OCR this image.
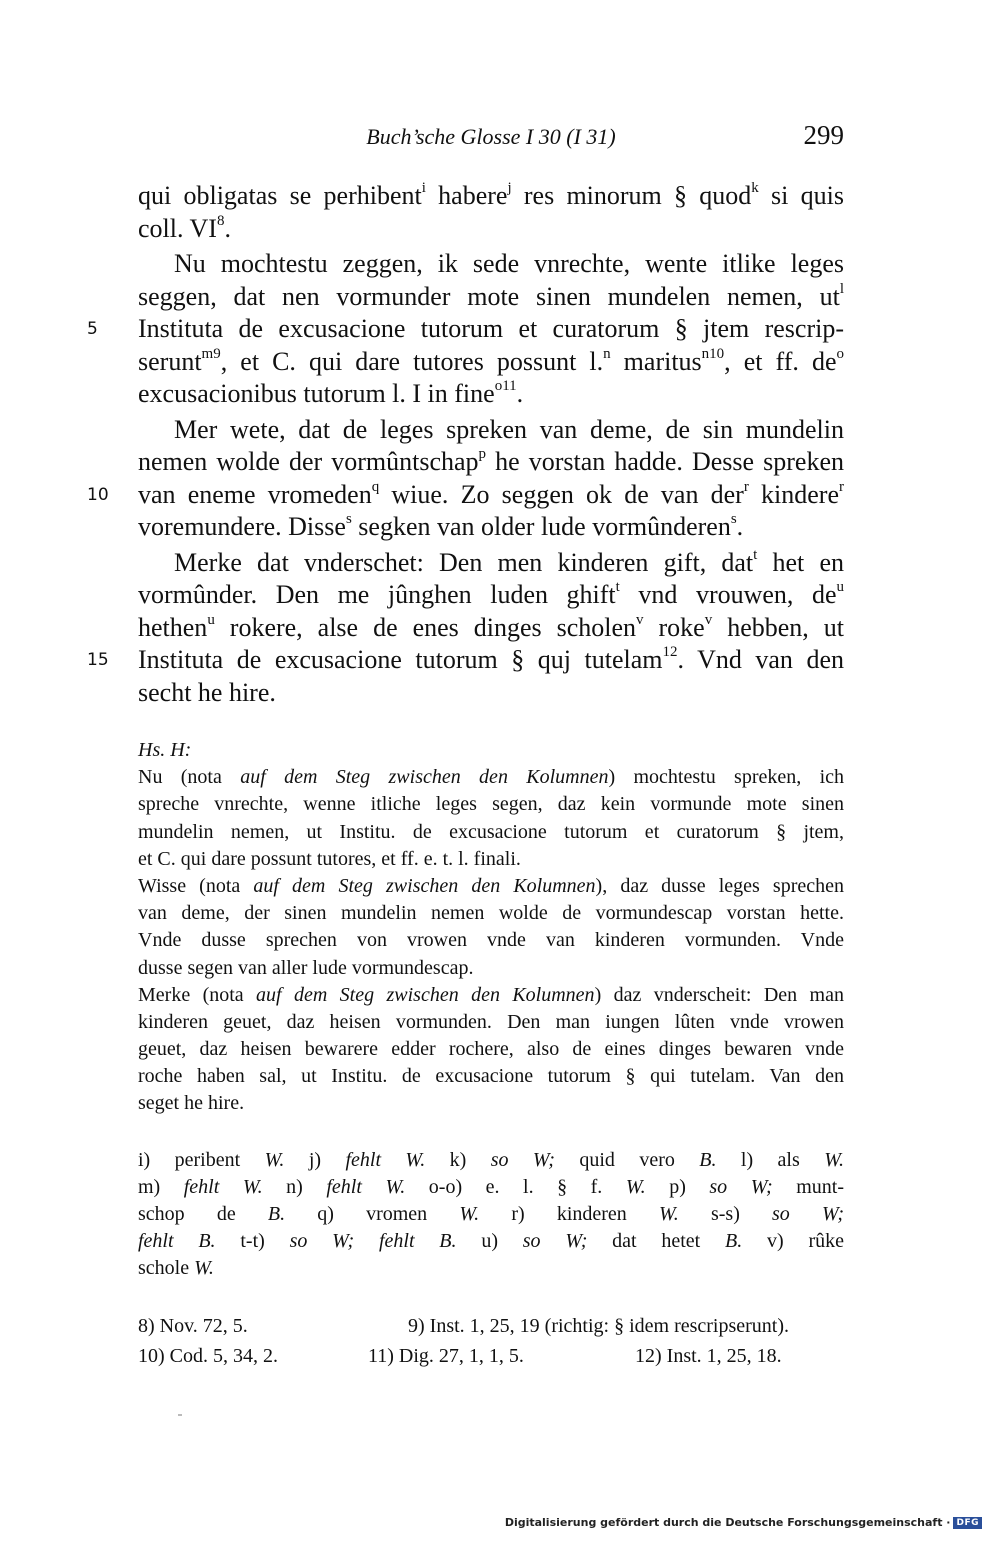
Buch’sche Glosse I 30 (I 31)	299
qui obligatas se perhibent$^i$ habere$^j$ res minorum § quod$^k$ si quis
coll. $VI^8$.
Nu mochtestu zeggen, ik sede vnrechte, wente itlike leges
seggen, dat nen vormunder mote sinen mundelen nemen, $ut^l$
5 Instituta de excusacione tutorum et curatorum § jtem rescrip-
serunt$^{m9}$, et C. qui dare tutores possunt l.$^n$ maritus$^{n10}$, et ff. $de^o$
excusacionibus tutorum l. I in fine$^{o11}$.
Mer wete, dat de leges spreken van deme, de sin mundelin
nemen wolde der vormûntschap$^p$ he vorstan hadde. Desse spreken
10 van eneme vromeden$^q$ wiue. Zo seggen ok de van der$^r$ kindere$^r$
voremundere. Disse$^s$ segken van older lude vormûnderen$^s$.
Merke dat vnderschet: Den men kinderen gift, dat$^t$ het en
vormûnder. Den me jûnghen luden ghift$^t$ vnd vrouwen, $de^u$
hethen$^u$ rokere, alse de enes dinges scholen$^v$ roke$^v$ hebben, ut
15 Instituta de excusacione tutorum § quj tutelam$^{12}$. Vnd van den
secht he hire.
Hs. H:
Nu (nota auf dem Steg zwischen den Kolumnen) mochtestu spreken, ich
spreche vnrechte, wenne itliche leges segen, daz kein vormunde mote sinen
mundelin nemen, ut Institu. de excusacione tutorum et curatorum § jtem,
et C. qui dare possunt tutores, et ff. e. t. l. finali.
Wisse (nota auf dem Steg zwischen den Kolumnen), daz dusse leges sprechen
van deme, der sinen mundelin nemen wolde de vormundescap vorstan hette.
Vnde dusse sprechen von vrowen vnde van kinderen vormunden. Vnde
dusse segen van aller lude vormundescap.
Merke (nota auf dem Steg zwischen den Kolumnen) daz vnderscheit: Den man
kinderen geuet, daz heisen vormunden. Den man iungen lûten vnde vrowen
geuet, daz heisen bewarere edder rochere, also de eines dinges bewaren vnde
roche haben sal, ut Institu. de excusacione tutorum § qui tutelam. Van den
seget he hire.
i) peribent W. j) fehlt W. k) so W; quid vero B. l) als W.
m) fehlt W. n) fehlt W. o-o) e. l. § f. W. p) so W; munt-
schop de B. q) vromen W. r) kinderen W. s-s) so W;
fehlt B. t-t) so W; fehlt B. u) so W; dat hetet B. v) rûke
schole W.
8) Nov. 72, 5.	9) Inst. 1, 25, 19 (richtig: § idem rescripserunt).
10) Cod. 5, 34, 2.	11) Dig. 27, 1, 1, 5.	12) Inst. 1, 25, 18.
Digitalisierung gefördert durch die Deutsche Forschungsgemeinschaft · DFG
